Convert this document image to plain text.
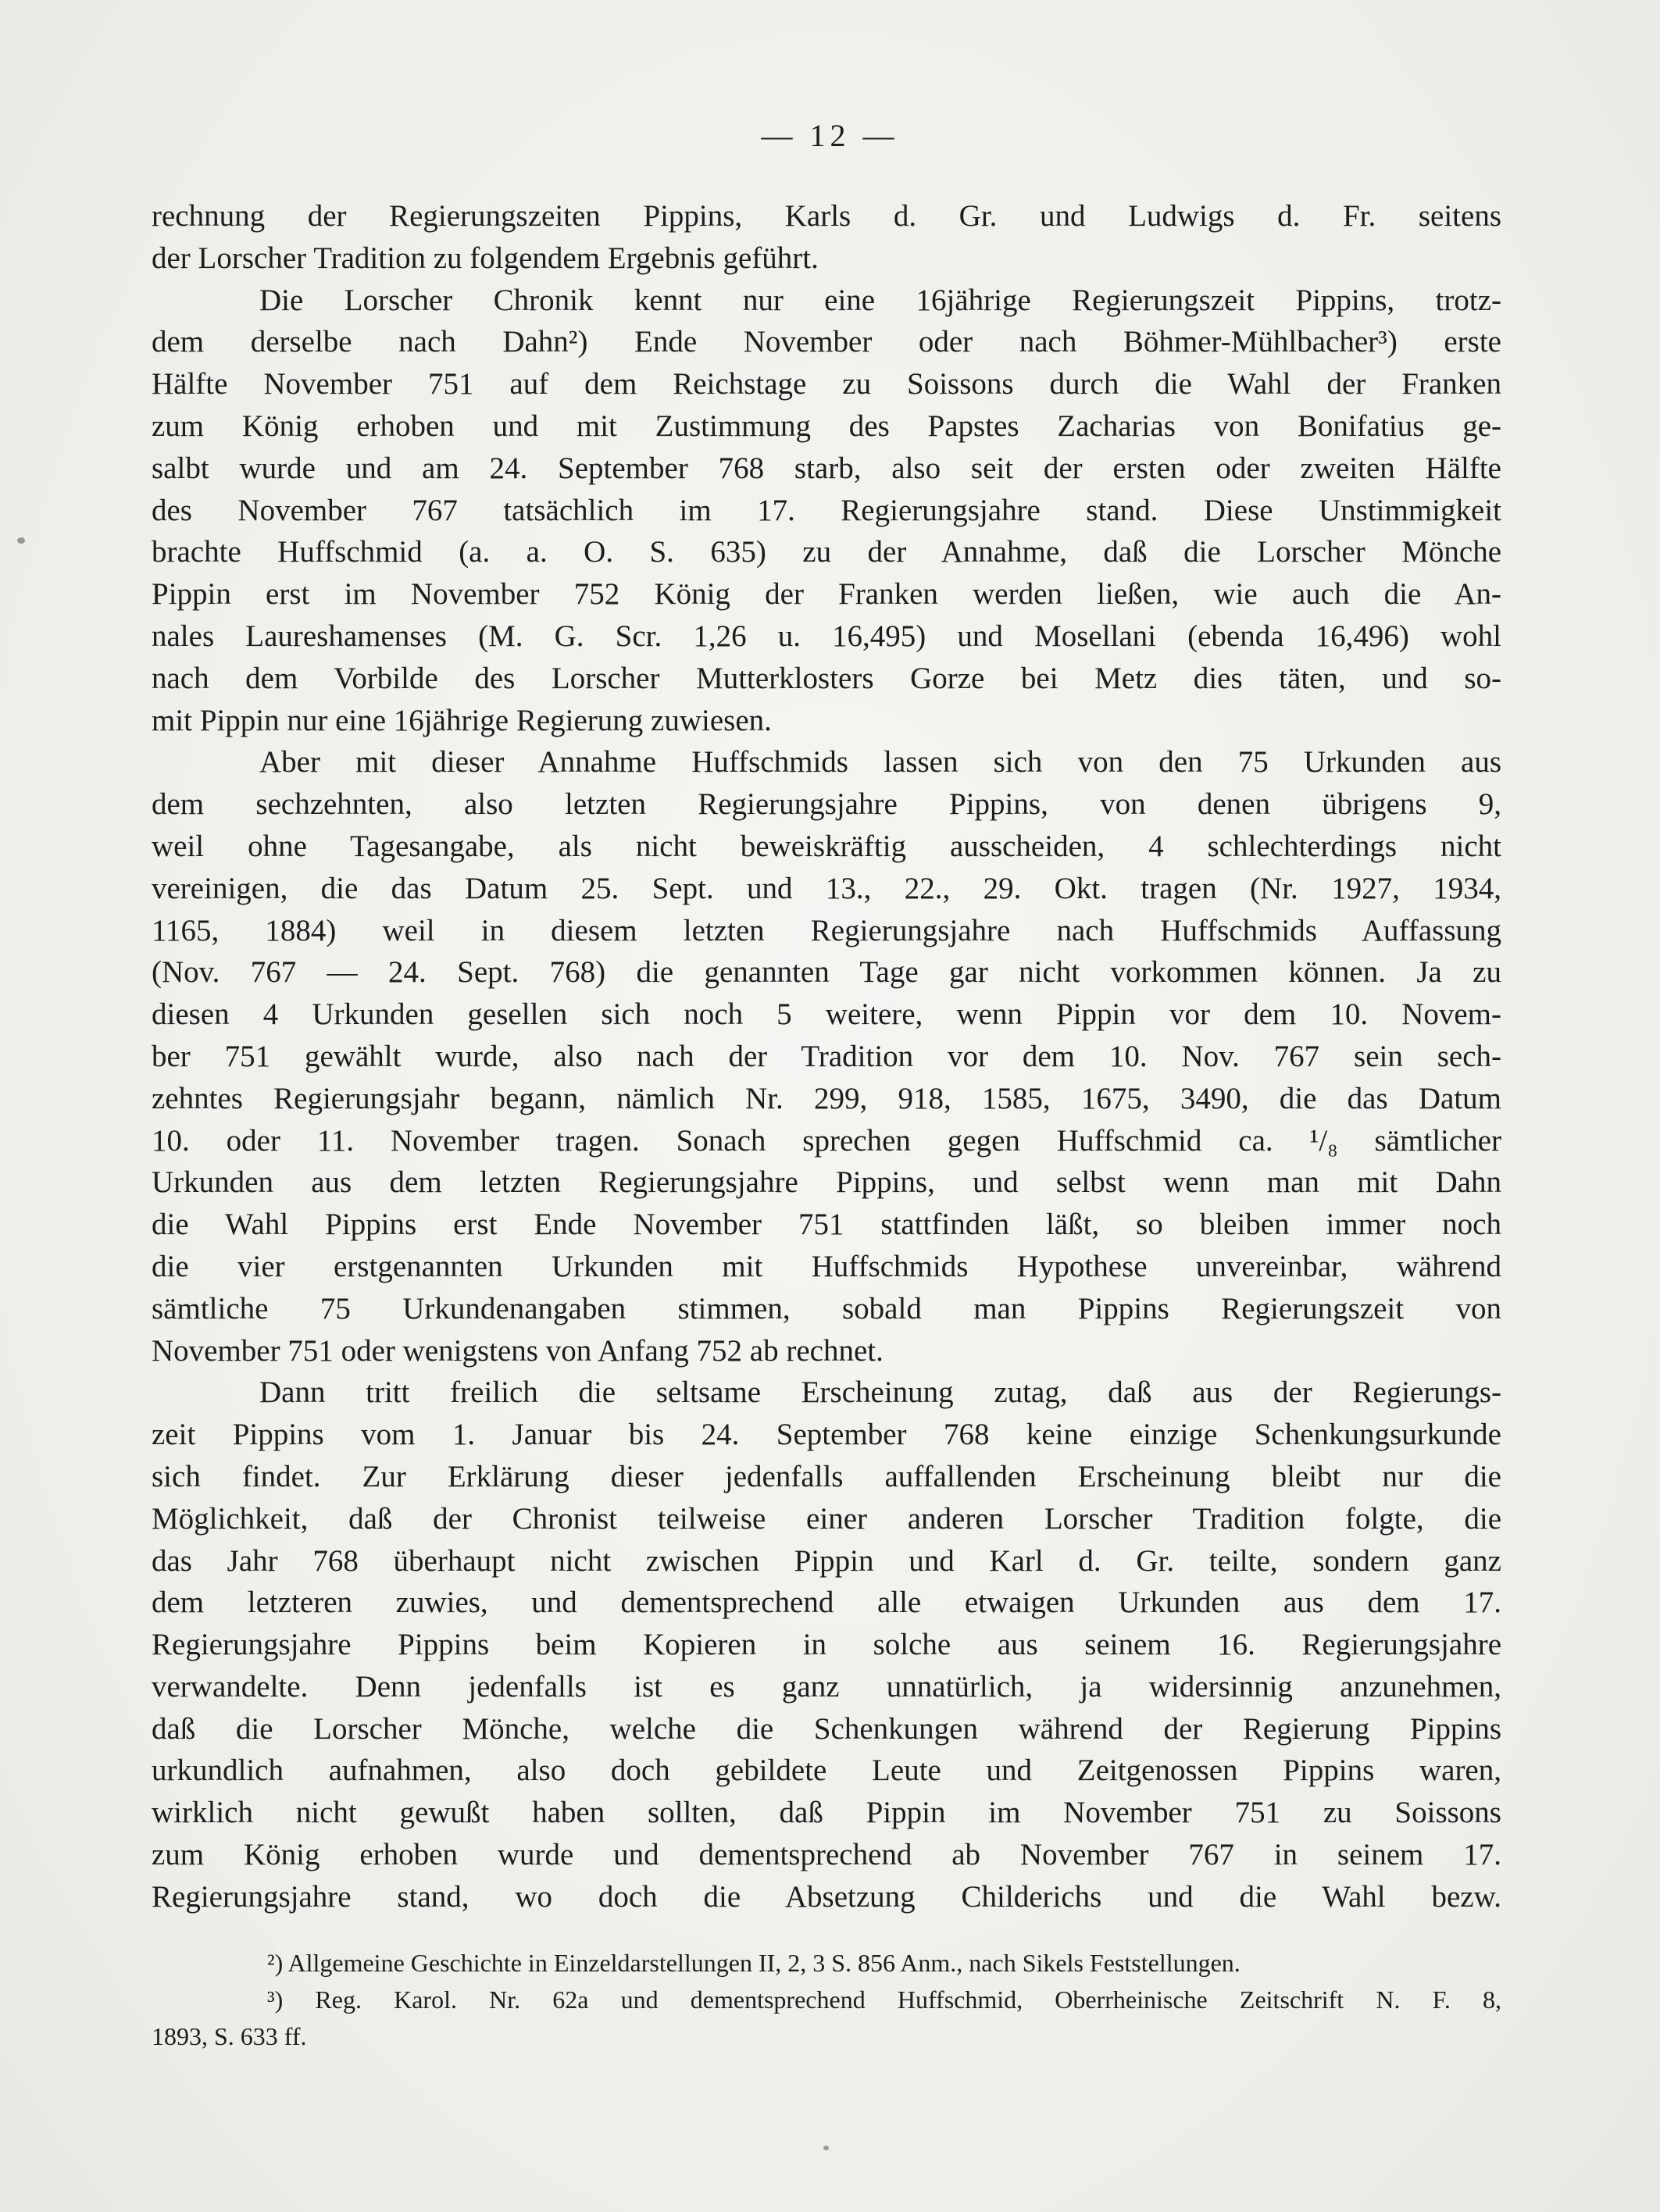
— 12 —

rechnung der Regierungszeiten Pippins, Karls d. Gr. und Ludwigs d. Fr. seitens

der Lorscher Tradition zu folgendem Ergebnis geführt.

Die Lorscher Chronik kennt nur eine 16jährige Regierungszeit Pippins, trotz-

dem derselbe nach Dahn²) Ende November oder nach Böhmer-Mühlbacher³) erste

Hälfte November 751 auf dem Reichstage zu Soissons durch die Wahl der Franken

zum König erhoben und mit Zustimmung des Papstes Zacharias von Bonifatius ge-

salbt wurde und am 24. September 768 starb, also seit der ersten oder zweiten Hälfte

des November 767 tatsächlich im 17. Regierungsjahre stand. Diese Unstimmigkeit

brachte Huffschmid (a. a. O. S. 635) zu der Annahme, daß die Lorscher Mönche

Pippin erst im November 752 König der Franken werden ließen, wie auch die An-

nales Laureshamenses (M. G. Scr. 1,26 u. 16,495) und Mosellani (ebenda 16,496) wohl

nach dem Vorbilde des Lorscher Mutterklosters Gorze bei Metz dies täten, und so-

mit Pippin nur eine 16jährige Regierung zuwiesen.

Aber mit dieser Annahme Huffschmids lassen sich von den 75 Urkunden aus

dem sechzehnten, also letzten Regierungsjahre Pippins, von denen übrigens 9,

weil ohne Tagesangabe, als nicht beweiskräftig ausscheiden, 4 schlechterdings nicht

vereinigen, die das Datum 25. Sept. und 13., 22., 29. Okt. tragen (Nr. 1927, 1934,

1165, 1884) weil in diesem letzten Regierungsjahre nach Huffschmids Auffassung

(Nov. 767 — 24. Sept. 768) die genannten Tage gar nicht vorkommen können. Ja zu

diesen 4 Urkunden gesellen sich noch 5 weitere, wenn Pippin vor dem 10. Novem-

ber 751 gewählt wurde, also nach der Tradition vor dem 10. Nov. 767 sein sech-

zehntes Regierungsjahr begann, nämlich Nr. 299, 918, 1585, 1675, 3490, die das Datum

10. oder 11. November tragen. Sonach sprechen gegen Huffschmid ca. ¹/₈ sämtlicher

Urkunden aus dem letzten Regierungsjahre Pippins, und selbst wenn man mit Dahn

die Wahl Pippins erst Ende November 751 stattfinden läßt, so bleiben immer noch

die vier erstgenannten Urkunden mit Huffschmids Hypothese unvereinbar, während

sämtliche 75 Urkundenangaben stimmen, sobald man Pippins Regierungszeit von

November 751 oder wenigstens von Anfang 752 ab rechnet.

Dann tritt freilich die seltsame Erscheinung zutag, daß aus der Regierungs-

zeit Pippins vom 1. Januar bis 24. September 768 keine einzige Schenkungsurkunde

sich findet. Zur Erklärung dieser jedenfalls auffallenden Erscheinung bleibt nur die

Möglichkeit, daß der Chronist teilweise einer anderen Lorscher Tradition folgte, die

das Jahr 768 überhaupt nicht zwischen Pippin und Karl d. Gr. teilte, sondern ganz

dem letzteren zuwies, und dementsprechend alle etwaigen Urkunden aus dem 17.

Regierungsjahre Pippins beim Kopieren in solche aus seinem 16. Regierungsjahre

verwandelte. Denn jedenfalls ist es ganz unnatürlich, ja widersinnig anzunehmen,

daß die Lorscher Mönche, welche die Schenkungen während der Regierung Pippins

urkundlich aufnahmen, also doch gebildete Leute und Zeitgenossen Pippins waren,

wirklich nicht gewußt haben sollten, daß Pippin im November 751 zu Soissons

zum König erhoben wurde und dementsprechend ab November 767 in seinem 17.

Regierungsjahre stand, wo doch die Absetzung Childerichs und die Wahl bezw.

²) Allgemeine Geschichte in Einzeldarstellungen II, 2, 3 S. 856 Anm., nach Sikels Feststellungen.

³) Reg. Karol. Nr. 62a und dementsprechend Huffschmid, Oberrheinische Zeitschrift N. F. 8,

1893, S. 633 ff.
